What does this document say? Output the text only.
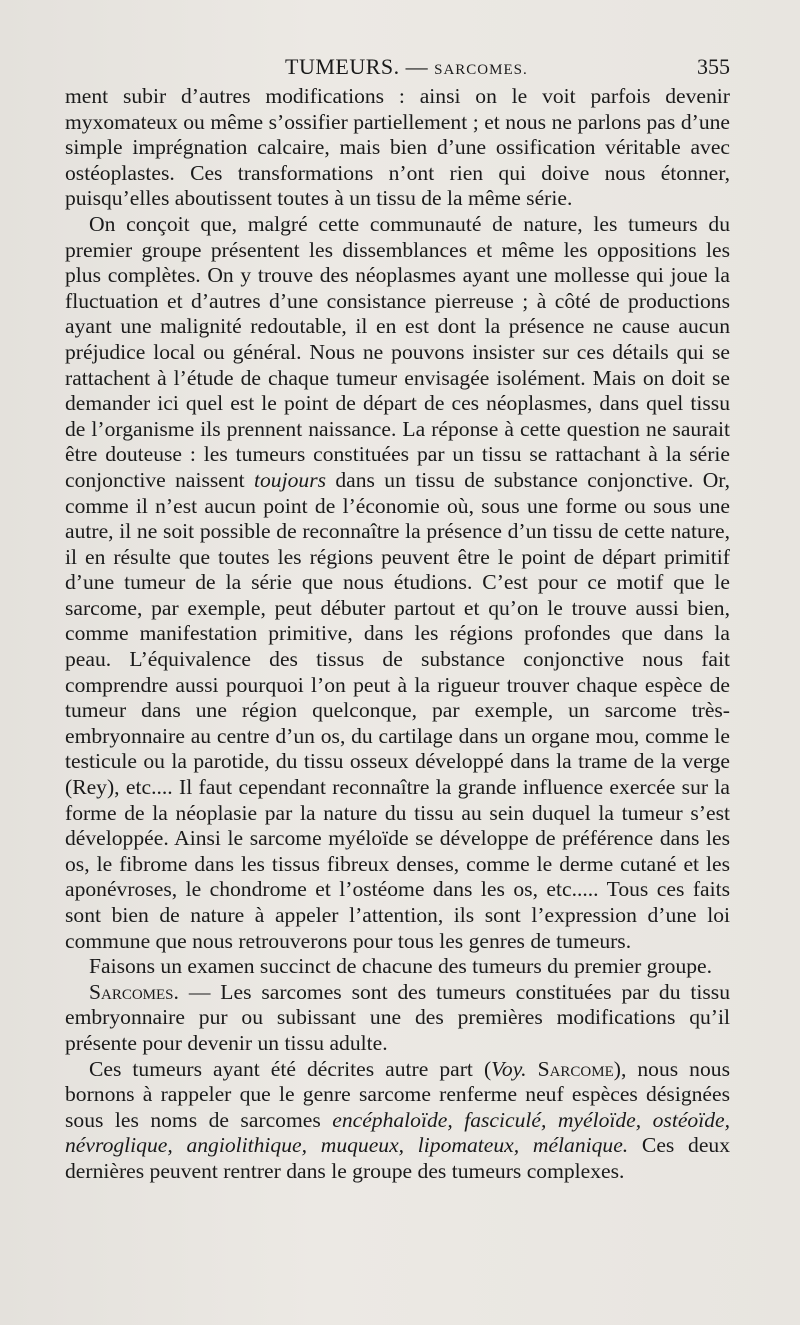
TUMEURS. — SARCOMES.	355

ment subir d’autres modifications : ainsi on le voit parfois devenir myxomateux ou même s’ossifier partiellement ; et nous ne parlons pas d’une simple imprégnation calcaire, mais bien d’une ossification véritable avec ostéoplastes. Ces transformations n’ont rien qui doive nous étonner, puisqu’elles aboutissent toutes à un tissu de la même série.

On conçoit que, malgré cette communauté de nature, les tumeurs du premier groupe présentent les dissemblances et même les oppositions les plus complètes. On y trouve des néoplasmes ayant une mollesse qui joue la fluctuation et d’autres d’une consistance pierreuse ; à côté de productions ayant une malignité redoutable, il en est dont la présence ne cause aucun préjudice local ou général. Nous ne pouvons insister sur ces détails qui se rattachent à l’étude de chaque tumeur envisagée isolément. Mais on doit se demander ici quel est le point de départ de ces néoplasmes, dans quel tissu de l’organisme ils prennent naissance. La réponse à cette question ne saurait être douteuse : les tumeurs constituées par un tissu se rattachant à la série conjonctive naissent toujours dans un tissu de substance conjonctive. Or, comme il n’est aucun point de l’économie où, sous une forme ou sous une autre, il ne soit possible de reconnaître la présence d’un tissu de cette nature, il en résulte que toutes les régions peuvent être le point de départ primitif d’une tumeur de la série que nous étudions. C’est pour ce motif que le sarcome, par exemple, peut débuter partout et qu’on le trouve aussi bien, comme manifestation primitive, dans les régions profondes que dans la peau. L’équivalence des tissus de substance conjonctive nous fait comprendre aussi pourquoi l’on peut à la rigueur trouver chaque espèce de tumeur dans une région quelconque, par exemple, un sarcome très-embryonnaire au centre d’un os, du cartilage dans un organe mou, comme le testicule ou la parotide, du tissu osseux développé dans la trame de la verge (Rey), etc.... Il faut cependant reconnaître la grande influence exercée sur la forme de la néoplasie par la nature du tissu au sein duquel la tumeur s’est développée. Ainsi le sarcome myéloïde se développe de préférence dans les os, le fibrome dans les tissus fibreux denses, comme le derme cutané et les aponévroses, le chondrome et l’ostéome dans les os, etc..... Tous ces faits sont bien de nature à appeler l’attention, ils sont l’expression d’une loi commune que nous retrouverons pour tous les genres de tumeurs.

Faisons un examen succinct de chacune des tumeurs du premier groupe.

Sarcomes. — Les sarcomes sont des tumeurs constituées par du tissu embryonnaire pur ou subissant une des premières modifications qu’il présente pour devenir un tissu adulte.

Ces tumeurs ayant été décrites autre part (Voy. Sarcome), nous nous bornons à rappeler que le genre sarcome renferme neuf espèces désignées sous les noms de sarcomes encéphaloïde, fasciculé, myéloïde, ostéoïde, névroglique, angiolithique, muqueux, lipomateux, mélanique. Ces deux dernières peuvent rentrer dans le groupe des tumeurs complexes.
